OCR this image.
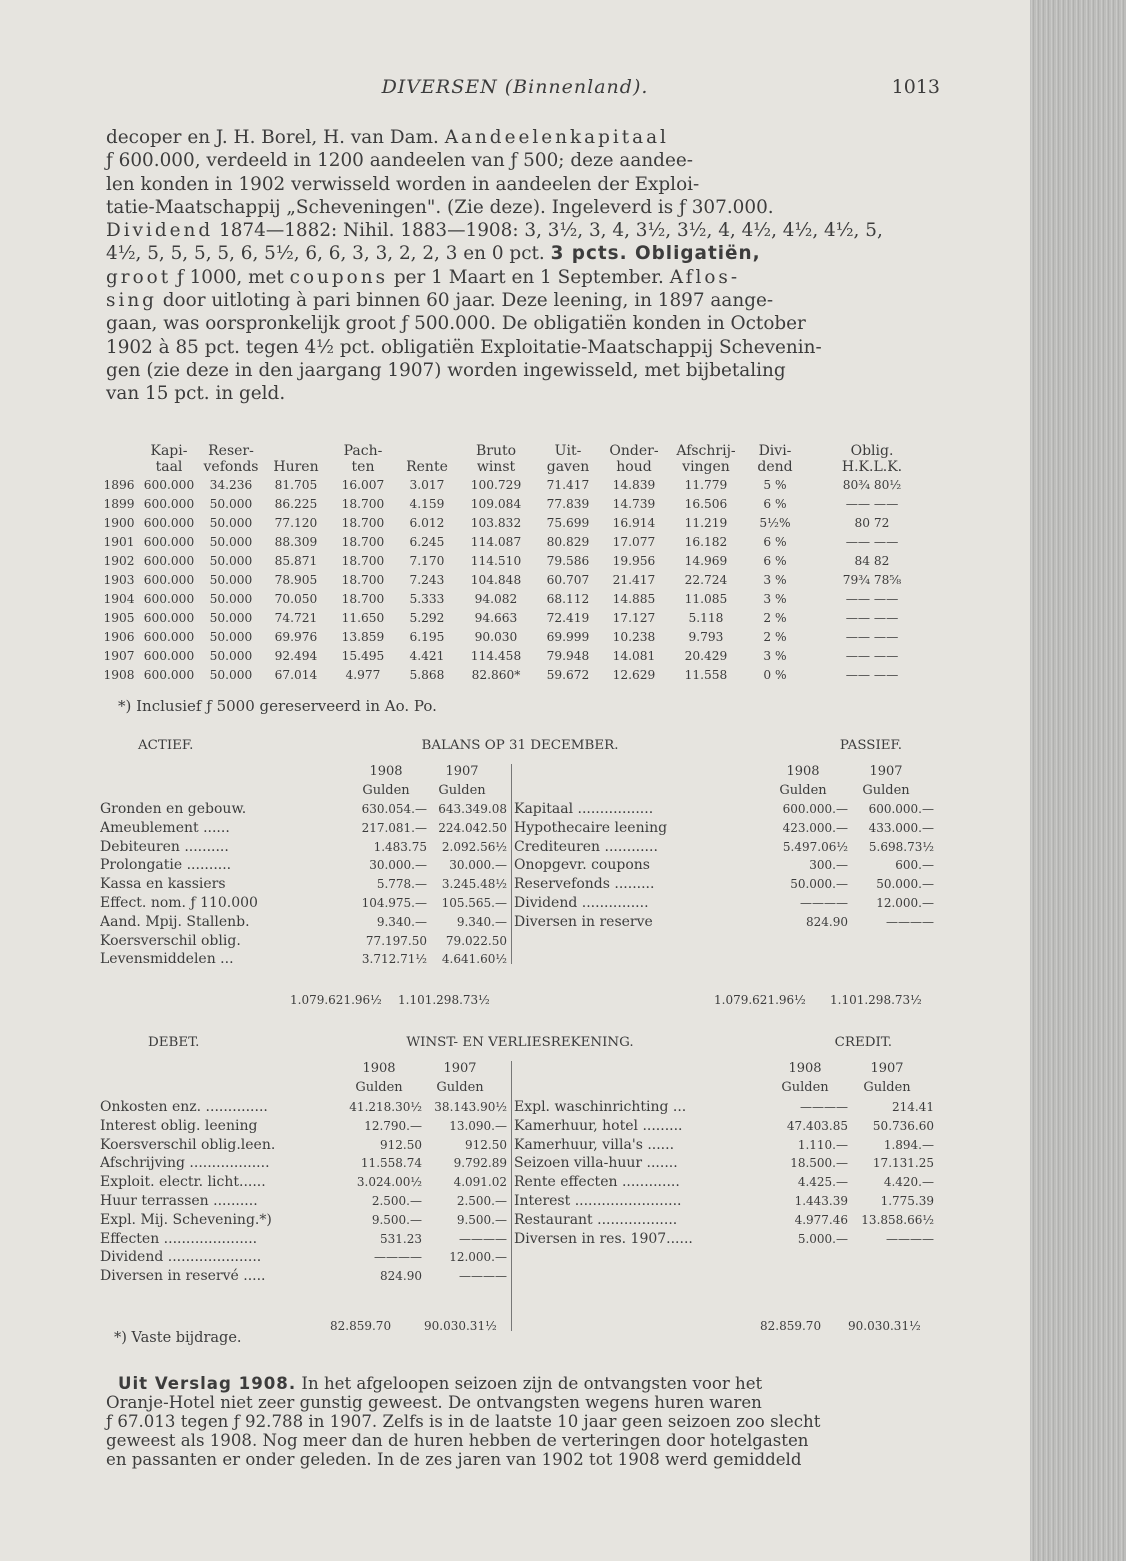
DIVERSEN (Binnenland).	1013
decoper en J. H. Borel, H. van Dam. Aandeelenkapitaal
ƒ 600.000, verdeeld in 1200 aandeelen van ƒ 500; deze aandee-
len konden in 1902 verwisseld worden in aandeelen der Exploi-
tatie-Maatschappij „Scheveningen". (Zie deze). Ingeleverd is ƒ 307.000.
Dividend 1874—1882: Nihil. 1883—1908: 3, 3½, 3, 4, 3½, 3½, 4, 4½, 4½, 4½, 5,
4½, 5, 5, 5, 5, 6, 5½, 6, 6, 3, 3, 2, 2, 3 en 0 pct. 3 pcts. Obligatiën,
groot ƒ 1000, met coupons per 1 Maart en 1 September. Aflos-
sing door uitloting à pari binnen 60 jaar. Deze leening, in 1897 aange-
gaan, was oorspronkelijk groot ƒ 500.000. De obligatiën konden in October
1902 à 85 pct. tegen 4½ pct. obligatiën Exploitatie-Maatschappij Schevenin-
gen (zie deze in den jaargang 1907) worden ingewisseld, met bijbetaling
van 15 pct. in geld.
	Kapi-	Reser-		Pach-		Bruto	Uit-	Onder-	Afschrij-	Divi-	Oblig.
	taal	vefonds	Huren	ten	Rente	winst	gaven	houd	vingen	dend	H.K.L.K.
1896	600.000	34.236	81.705	16.007	3.017	100.729	71.417	14.839	11.779	5 %	80¾ 80½
1899	600.000	50.000	86.225	18.700	4.159	109.084	77.839	14.739	16.506	6 %	—— ——
1900	600.000	50.000	77.120	18.700	6.012	103.832	75.699	16.914	11.219	5½%	80 72
1901	600.000	50.000	88.309	18.700	6.245	114.087	80.829	17.077	16.182	6 %	—— ——
1902	600.000	50.000	85.871	18.700	7.170	114.510	79.586	19.956	14.969	6 %	84 82
1903	600.000	50.000	78.905	18.700	7.243	104.848	60.707	21.417	22.724	3 %	79¾ 78⅝
1904	600.000	50.000	70.050	18.700	5.333	94.082	68.112	14.885	11.085	3 %	—— ——
1905	600.000	50.000	74.721	11.650	5.292	94.663	72.419	17.127	5.118	2 %	—— ——
1906	600.000	50.000	69.976	13.859	6.195	90.030	69.999	10.238	9.793	2 %	—— ——
1907	600.000	50.000	92.494	15.495	4.421	114.458	79.948	14.081	20.429	3 %	—— ——
1908	600.000	50.000	67.014	4.977	5.868	82.860*	59.672	12.629	11.558	0 %	—— ——
*) Inclusief ƒ 5000 gereserveerd in Ao. Po.
ACTIEF.	BALANS OP 31 DECEMBER.	PASSIEF.
1908	1907
Gulden	Gulden
1908	1907
Gulden	Gulden
Gronden en gebouw.	630.054.— 643.349.08
Ameublement ......	217.081.— 224.042.50
Debiteuren ..........	1.483.75 2.092.56½
Prolongatie ..........	30.000.— 30.000.—
Kassa en kassiers	5.778.— 3.245.48½
Effect. nom. ƒ 110.000	104.975.— 105.565.—
Aand. Mpij. Stallenb.	9.340.— 9.340.—
Koersverschil oblig.	77.197.50 79.022.50
Levensmiddelen ...	3.712.71½ 4.641.60½
Kapitaal .................	600.000.— 600.000.—
Hypothecaire leening	423.000.— 433.000.—
Crediteuren ............	5.497.06½ 5.698.73½
Onopgevr. coupons	300.—	600.—
Reservefonds .........	50.000.— 50.000.—
Dividend ...............	———— 12.000.—
Diversen in reserve	824.90	————
1.079.621.96½ 1.101.298.73½	1.079.621.96½ 1.101.298.73½
DEBET.	WINST- EN VERLIESREKENING.	CREDIT.
1908	1907
Gulden	Gulden
1908	1907
Gulden	Gulden
Onkosten enz. ..............	41.218.30½ 38.143.90½
Interest oblig. leening	12.790.— 13.090.—
Koersverschil oblig.leen.	912.50	912.50
Afschrijving ..................	11.558.74	9.792.89
Exploit. electr. licht......	3.024.00½	4.091.02
Huur terrassen ..........	2.500.—	2.500.—
Expl. Mij. Schevening.*)	9.500.—	9.500.—
Effecten .....................	531.23	————
Dividend .....................	———— 12.000.—
Diversen in reservé .....	824.90	————
Expl. waschinrichting ...	————	214.41
Kamerhuur, hotel .........	47.403.85 50.736.60
Kamerhuur, villa's ......	1.110.—	1.894.—
Seizoen villa-huur .......	18.500.— 17.131.25
Rente effecten .............	4.425.—	4.420.—
Interest ........................	1.443.39	1.775.39
Restaurant ..................	4.977.46 13.858.66½
Diversen in res. 1907......	5.000.—	————
82.859.70	90.030.31½	82.859.70 90.030.31½
*) Vaste bijdrage.
Uit Verslag 1908. In het afgeloopen seizoen zijn de ontvangsten voor het
Oranje-Hotel niet zeer gunstig geweest. De ontvangsten wegens huren waren
ƒ 67.013 tegen ƒ 92.788 in 1907. Zelfs is in de laatste 10 jaar geen seizoen zoo slecht
geweest als 1908. Nog meer dan de huren hebben de verteringen door hotelgasten
en passanten er onder geleden. In de zes jaren van 1902 tot 1908 werd gemiddeld
